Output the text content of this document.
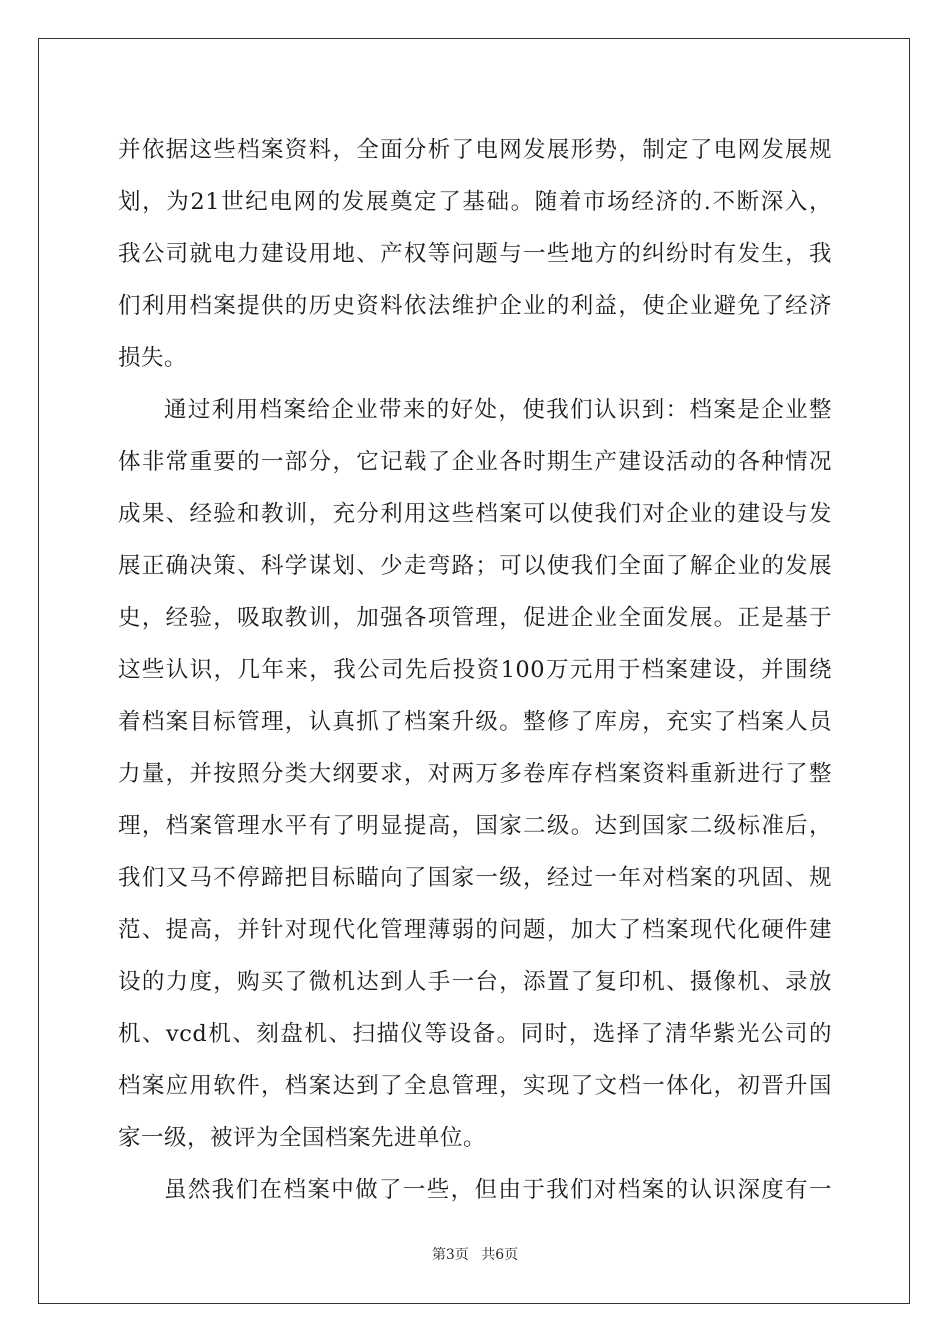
并依据这些档案资料，全面分析了电网发展形势，制定了电网发展规
划，为21世纪电网的发展奠定了基础。随着市场经济的.不断深入，
我公司就电力建设用地、产权等问题与一些地方的纠纷时有发生，我
们利用档案提供的历史资料依法维护企业的利益，使企业避免了经济
损失。
通过利用档案给企业带来的好处，使我们认识到：档案是企业整
体非常重要的一部分，它记载了企业各时期生产建设活动的各种情况
成果、经验和教训，充分利用这些档案可以使我们对企业的建设与发
展正确决策、科学谋划、少走弯路；可以使我们全面了解企业的发展
史，经验，吸取教训，加强各项管理，促进企业全面发展。正是基于
这些认识，几年来，我公司先后投资100万元用于档案建设，并围绕
着档案目标管理，认真抓了档案升级。整修了库房，充实了档案人员
力量，并按照分类大纲要求，对两万多卷库存档案资料重新进行了整
理，档案管理水平有了明显提高，国家二级。达到国家二级标准后，
我们又马不停蹄把目标瞄向了国家一级，经过一年对档案的巩固、规
范、提高，并针对现代化管理薄弱的问题，加大了档案现代化硬件建
设的力度，购买了微机达到人手一台，添置了复印机、摄像机、录放
机、vcd机、刻盘机、扫描仪等设备。同时，选择了清华紫光公司的
档案应用软件，档案达到了全息管理，实现了文档一体化，初晋升国
家一级，被评为全国档案先进单位。
虽然我们在档案中做了一些，但由于我们对档案的认识深度有一
第3页 共6页
